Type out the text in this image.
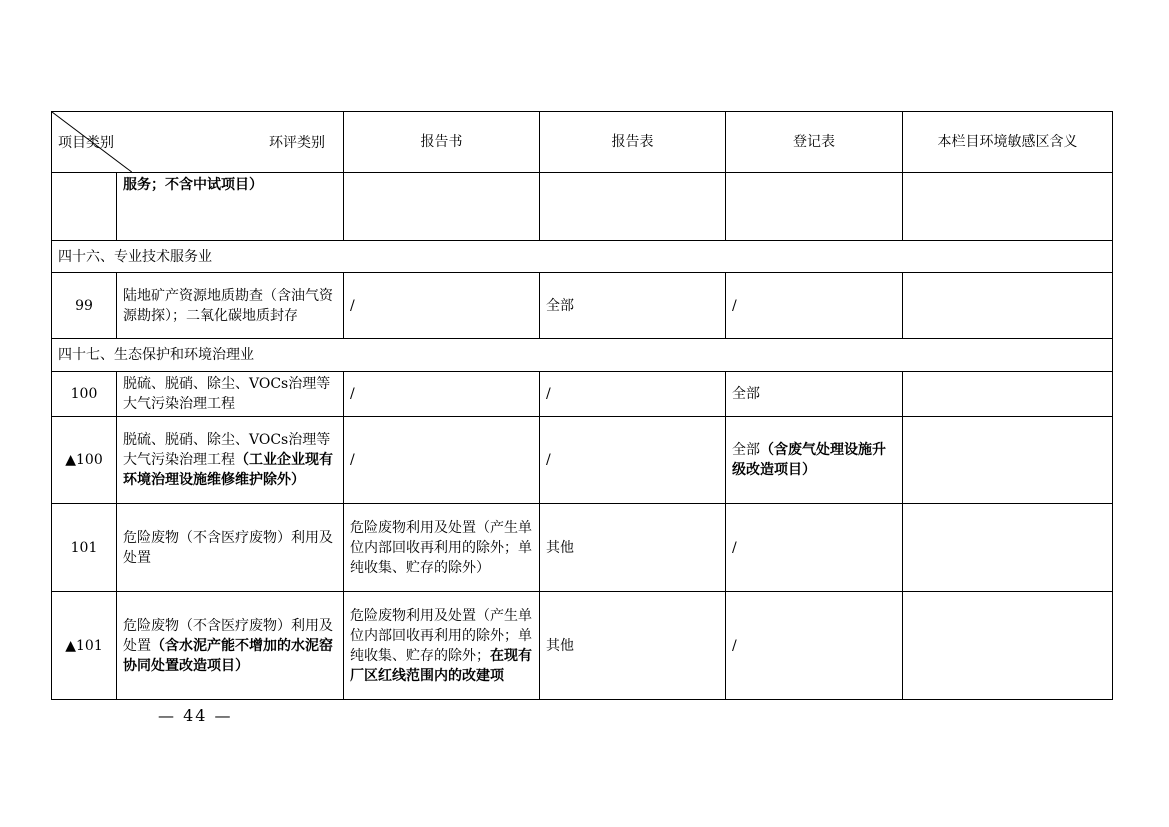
项目类别 环评类别		报告书	报告表	登记表	本栏目环境敏感区含义
	服务；不含中试项目）				
四十六、专业技术服务业					
99	陆地矿产资源地质勘查（含油气资源勘探）；二氧化碳地质封存	/	全部	/	
四十七、生态保护和环境治理业					
100	脱硫、脱硝、除尘、VOCs治理等大气污染治理工程	/	/	全部	
▲100	脱硫、脱硝、除尘、VOCs治理等大气污染治理工程（工业企业现有环境治理设施维修维护除外）	/	/	全部（含废气处理设施升级改造项目）	
101	危险废物（不含医疗废物）利用及处置	危险废物利用及处置（产生单位内部回收再利用的除外；单纯收集、贮存的除外）	其他	/	
▲101	危险废物（不含医疗废物）利用及处置（含水泥产能不增加的水泥窑协同处置改造项目）	危险废物利用及处置（产生单位内部回收再利用的除外；单纯收集、贮存的除外；在现有厂区红线范围内的改建项	其他	/	
— 44 —
